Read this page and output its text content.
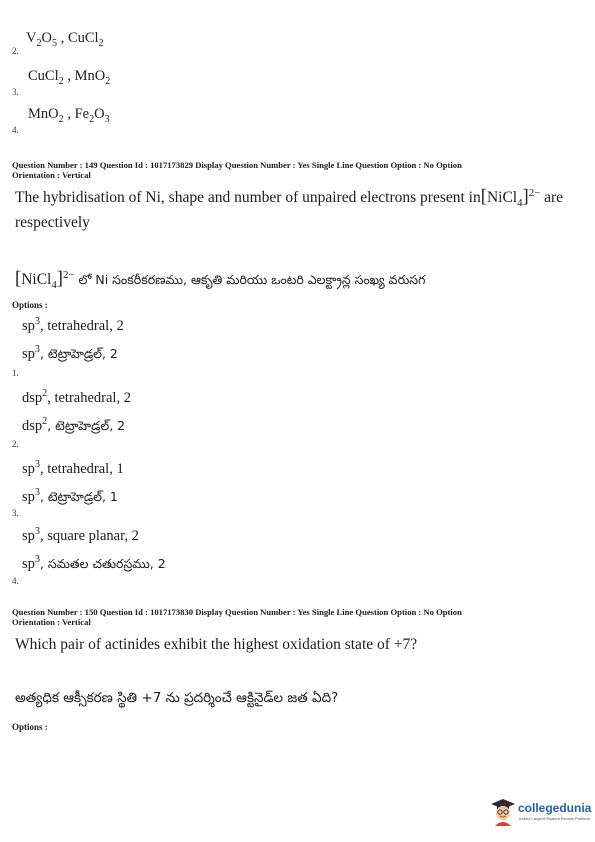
$V_2O_5$ , CuCl$_2$
2.
CuCl$_2$ , MnO$_2$
3.
MnO$_2$ , $Fe_2O_3$
4.
Question Number : 149 Question Id : 1017173829 Display Question Number : Yes Single Line Question Option : No Option
Orientation : Vertical
The hybridisation of Ni, shape and number of unpaired electrons present in[NiCl$_4$]$^{2-}$ are
respectively
[NiCl$_4$]$^{2-}$ లో Ni సంకరీకరణము, ఆకృతి మరియు ఒంటరి ఎలక్ట్రాన్ల సంఖ్య వరుసగ
Options :
$sp^3$, tetrahedral, 2
$sp^3$, టెట్రాహెడ్రల్, 2
1.
dsp$^2$, tetrahedral, 2
dsp$^2$, టెట్రాహెడ్రల్, 2
2.
$sp^3$, tetrahedral, 1
$sp^3$, టెట్రాహెడ్రల్, 1
3.
$sp^3$, square planar, 2
$sp^3$, సమతల చతురస్రము, 2
4.
Question Number : 150 Question Id : 1017173830 Display Question Number : Yes Single Line Question Option : No Option
Orientation : Vertical
Which pair of actinides exhibit the highest oxidation state of +7?
అత్యధిక ఆక్సీకరణ స్థితి +7 ను ప్రదర్శించే ఆక్టినైడ్‌ల జత ఏది?
Options :
collegedunia
India's Largest Student Review Platform
